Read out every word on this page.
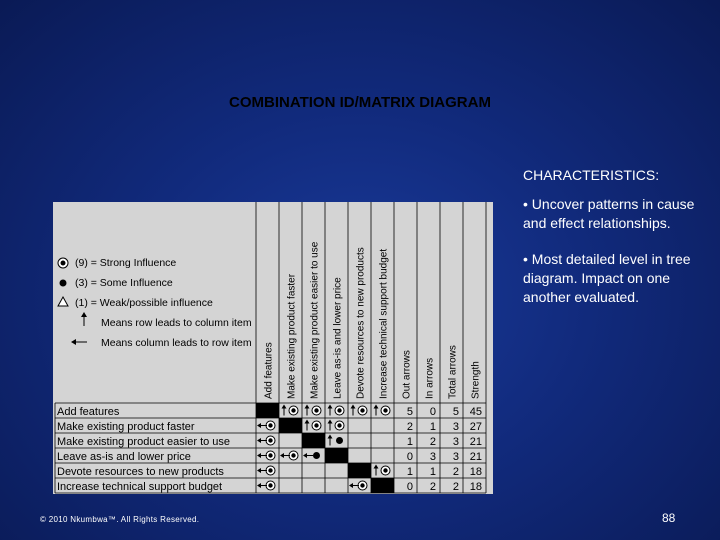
COMBINATION ID/MATRIX DIAGRAM
CHARACTERISTICS:
• Uncover patterns in cause and effect relationships.
• Most detailed level in tree diagram. Impact on one another evaluated.
(9) = Strong Influence
(3) = Some Influence
(1) = Weak/possible influence
Means row leads to column item
Means column leads to row item Add features Make existing product faster Make existing product easier to use Leave as-is and lower price Devote resources to new products Increase technical support budget Out arrows In arrows Total arrows Strength
Add features
Make existing product faster
Make existing product easier to use
Leave as-is and lower price
Devote resources to new products
Increase technical support budget
5 0 5 45
2 1 3 27
1 2 3 21
0 3 3 21
1 1 2 18
0 2 2 18
© 2010 Nkumbwa™. All Rights Reserved.	88
